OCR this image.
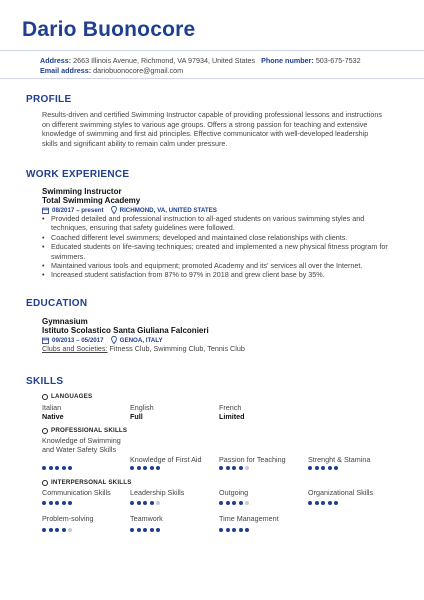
Dario Buonocore
Address: 2663 Illinois Avenue, Richmond, VA 97934, United States Phone number: 503-675-7532
Email address: dariobuonocore@gmail.com
PROFILE
Results-driven and certified Swimming Instructor capable of providing professional lessons and instructions on different swimming styles to various age groups. Offers a strong passion for teaching and extensive knowledge of swimming and first aid principles. Effective communicator with well-developed leadership skills and significant ability to remain calm under pressure.
WORK EXPERIENCE
Swimming Instructor
Total Swimming Academy
08/2017 – present	RICHMOND, VA, UNITED STATES
• Provided detailed and professional instruction to all-aged students on various swimming styles and techniques, ensuring that safety guidelines were followed.
• Coached different level swimmers; developed and maintained close relationships with clients.
• Educated students on life-saving techniques; created and implemented a new physical fitness program for swimmers.
• Maintained various tools and equipment; promoted Academy and its' services all over the Internet.
• Increased student satisfaction from 87% to 97% in 2018 and grew client base by 35%.
EDUCATION
Gymnasium
Istituto Scolastico Santa Giuliana Falconieri
09/2013 – 05/2017	GENOA, ITALY
Clubs and Societies: Fitness Club, Swimming Club, Tennis Club
SKILLS
LANGUAGES
Italian
Native
English
Full
French
Limited
PROFESSIONAL SKILLS
Knowledge of Swimming and Water Safety Skills
Knowledge of First Aid	Passion for Teaching	Strenght & Stamina
INTERPERSONAL SKILLS
Communication Skills	Leadership Skills	Outgoing	Organizational Skills
Problem-solving	Teamwork	Time Management
